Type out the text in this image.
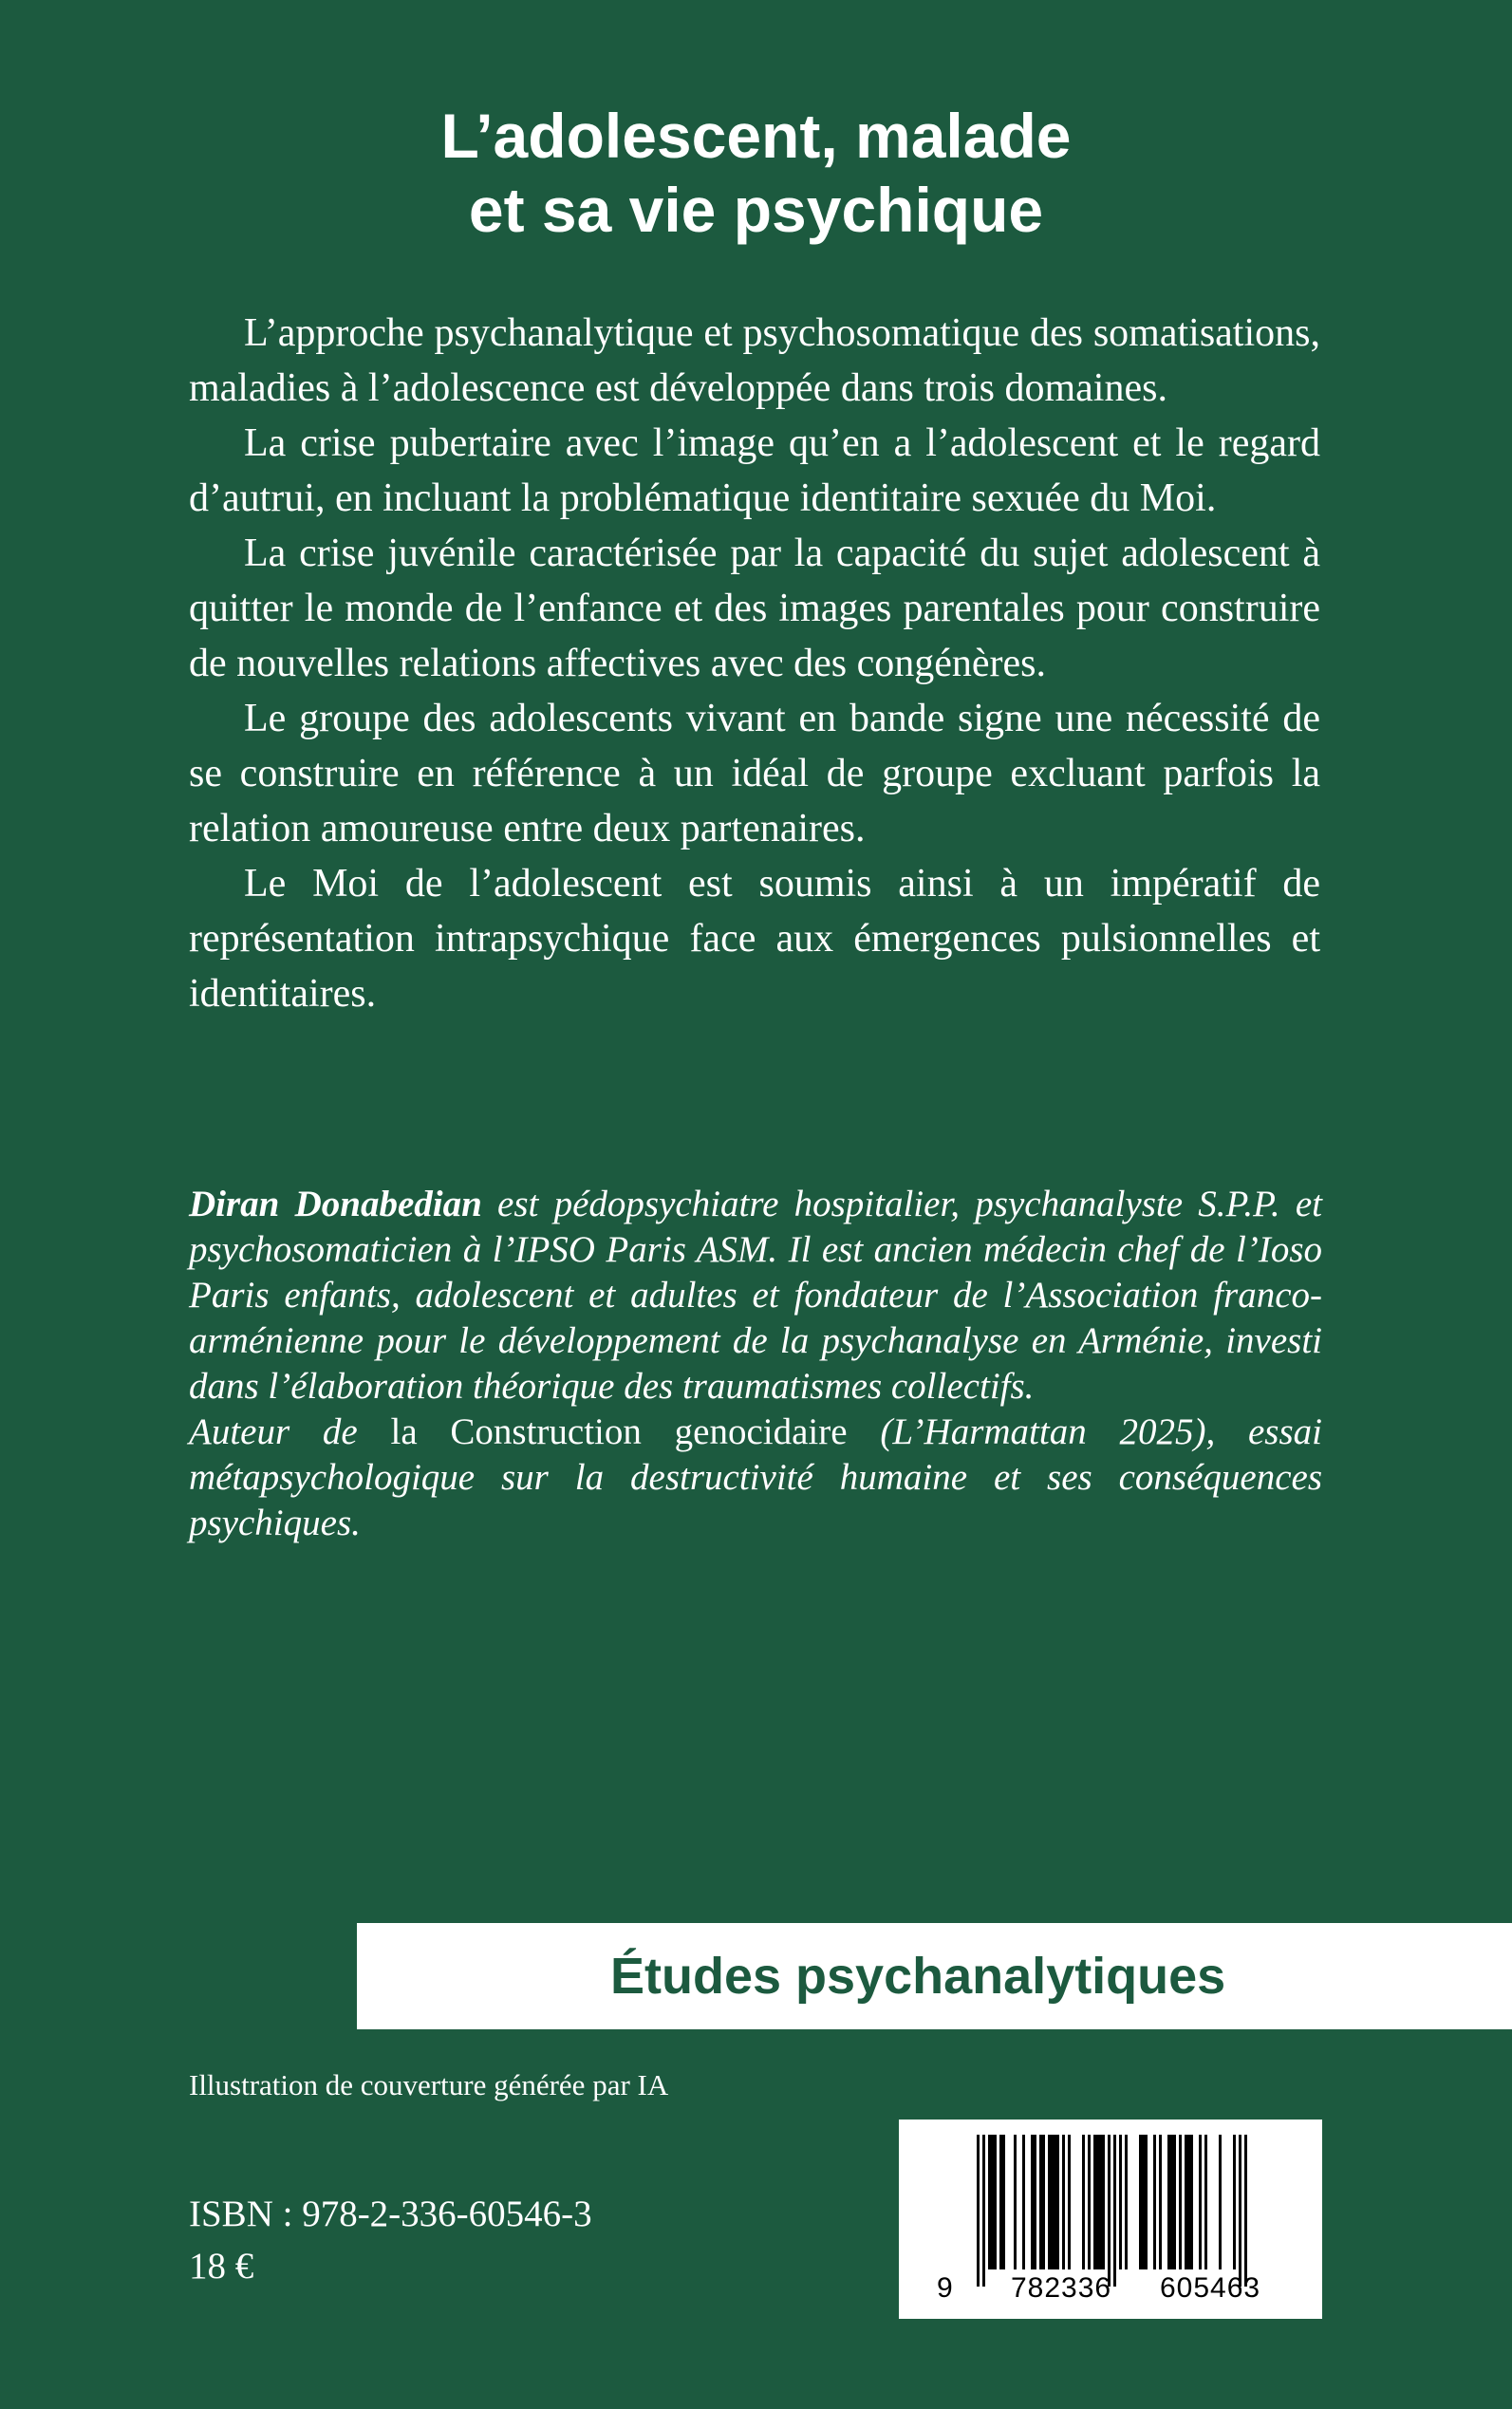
L’adolescent, malade
et sa vie psychique

L’approche psychanalytique et psychosomatique des somatisations, maladies à l’adolescence est développée dans trois domaines.

La crise pubertaire avec l’image qu’en a l’adolescent et le regard d’autrui, en incluant la problématique identitaire sexuée du Moi.

La crise juvénile caractérisée par la capacité du sujet adolescent à quitter le monde de l’enfance et des images parentales pour construire de nouvelles relations affectives avec des congénères.

Le groupe des adolescents vivant en bande signe une nécessité de se construire en référence à un idéal de groupe excluant parfois la relation amoureuse entre deux partenaires.

Le Moi de l’adolescent est soumis ainsi à un impératif de représentation intrapsychique face aux émergences pulsionnelles et identitaires.

Diran Donabedian est pédopsychiatre hospitalier, psychanalyste S.P.P. et psychosomaticien à l’IPSO Paris ASM. Il est ancien médecin chef de l’Ioso Paris enfants, adolescent et adultes et fondateur de l’Association franco-arménienne pour le développement de la psychanalyse en Arménie, investi dans l’élaboration théorique des traumatismes collectifs.

Auteur de la Construction genocidaire (L’Harmattan 2025), essai métapsychologique sur la destructivité humaine et ses conséquences psychiques.

Études psychanalytiques
Illustration de couverture générée par IA
ISBN : 978-2-336-60546-3
18 €
9 782336 605463
